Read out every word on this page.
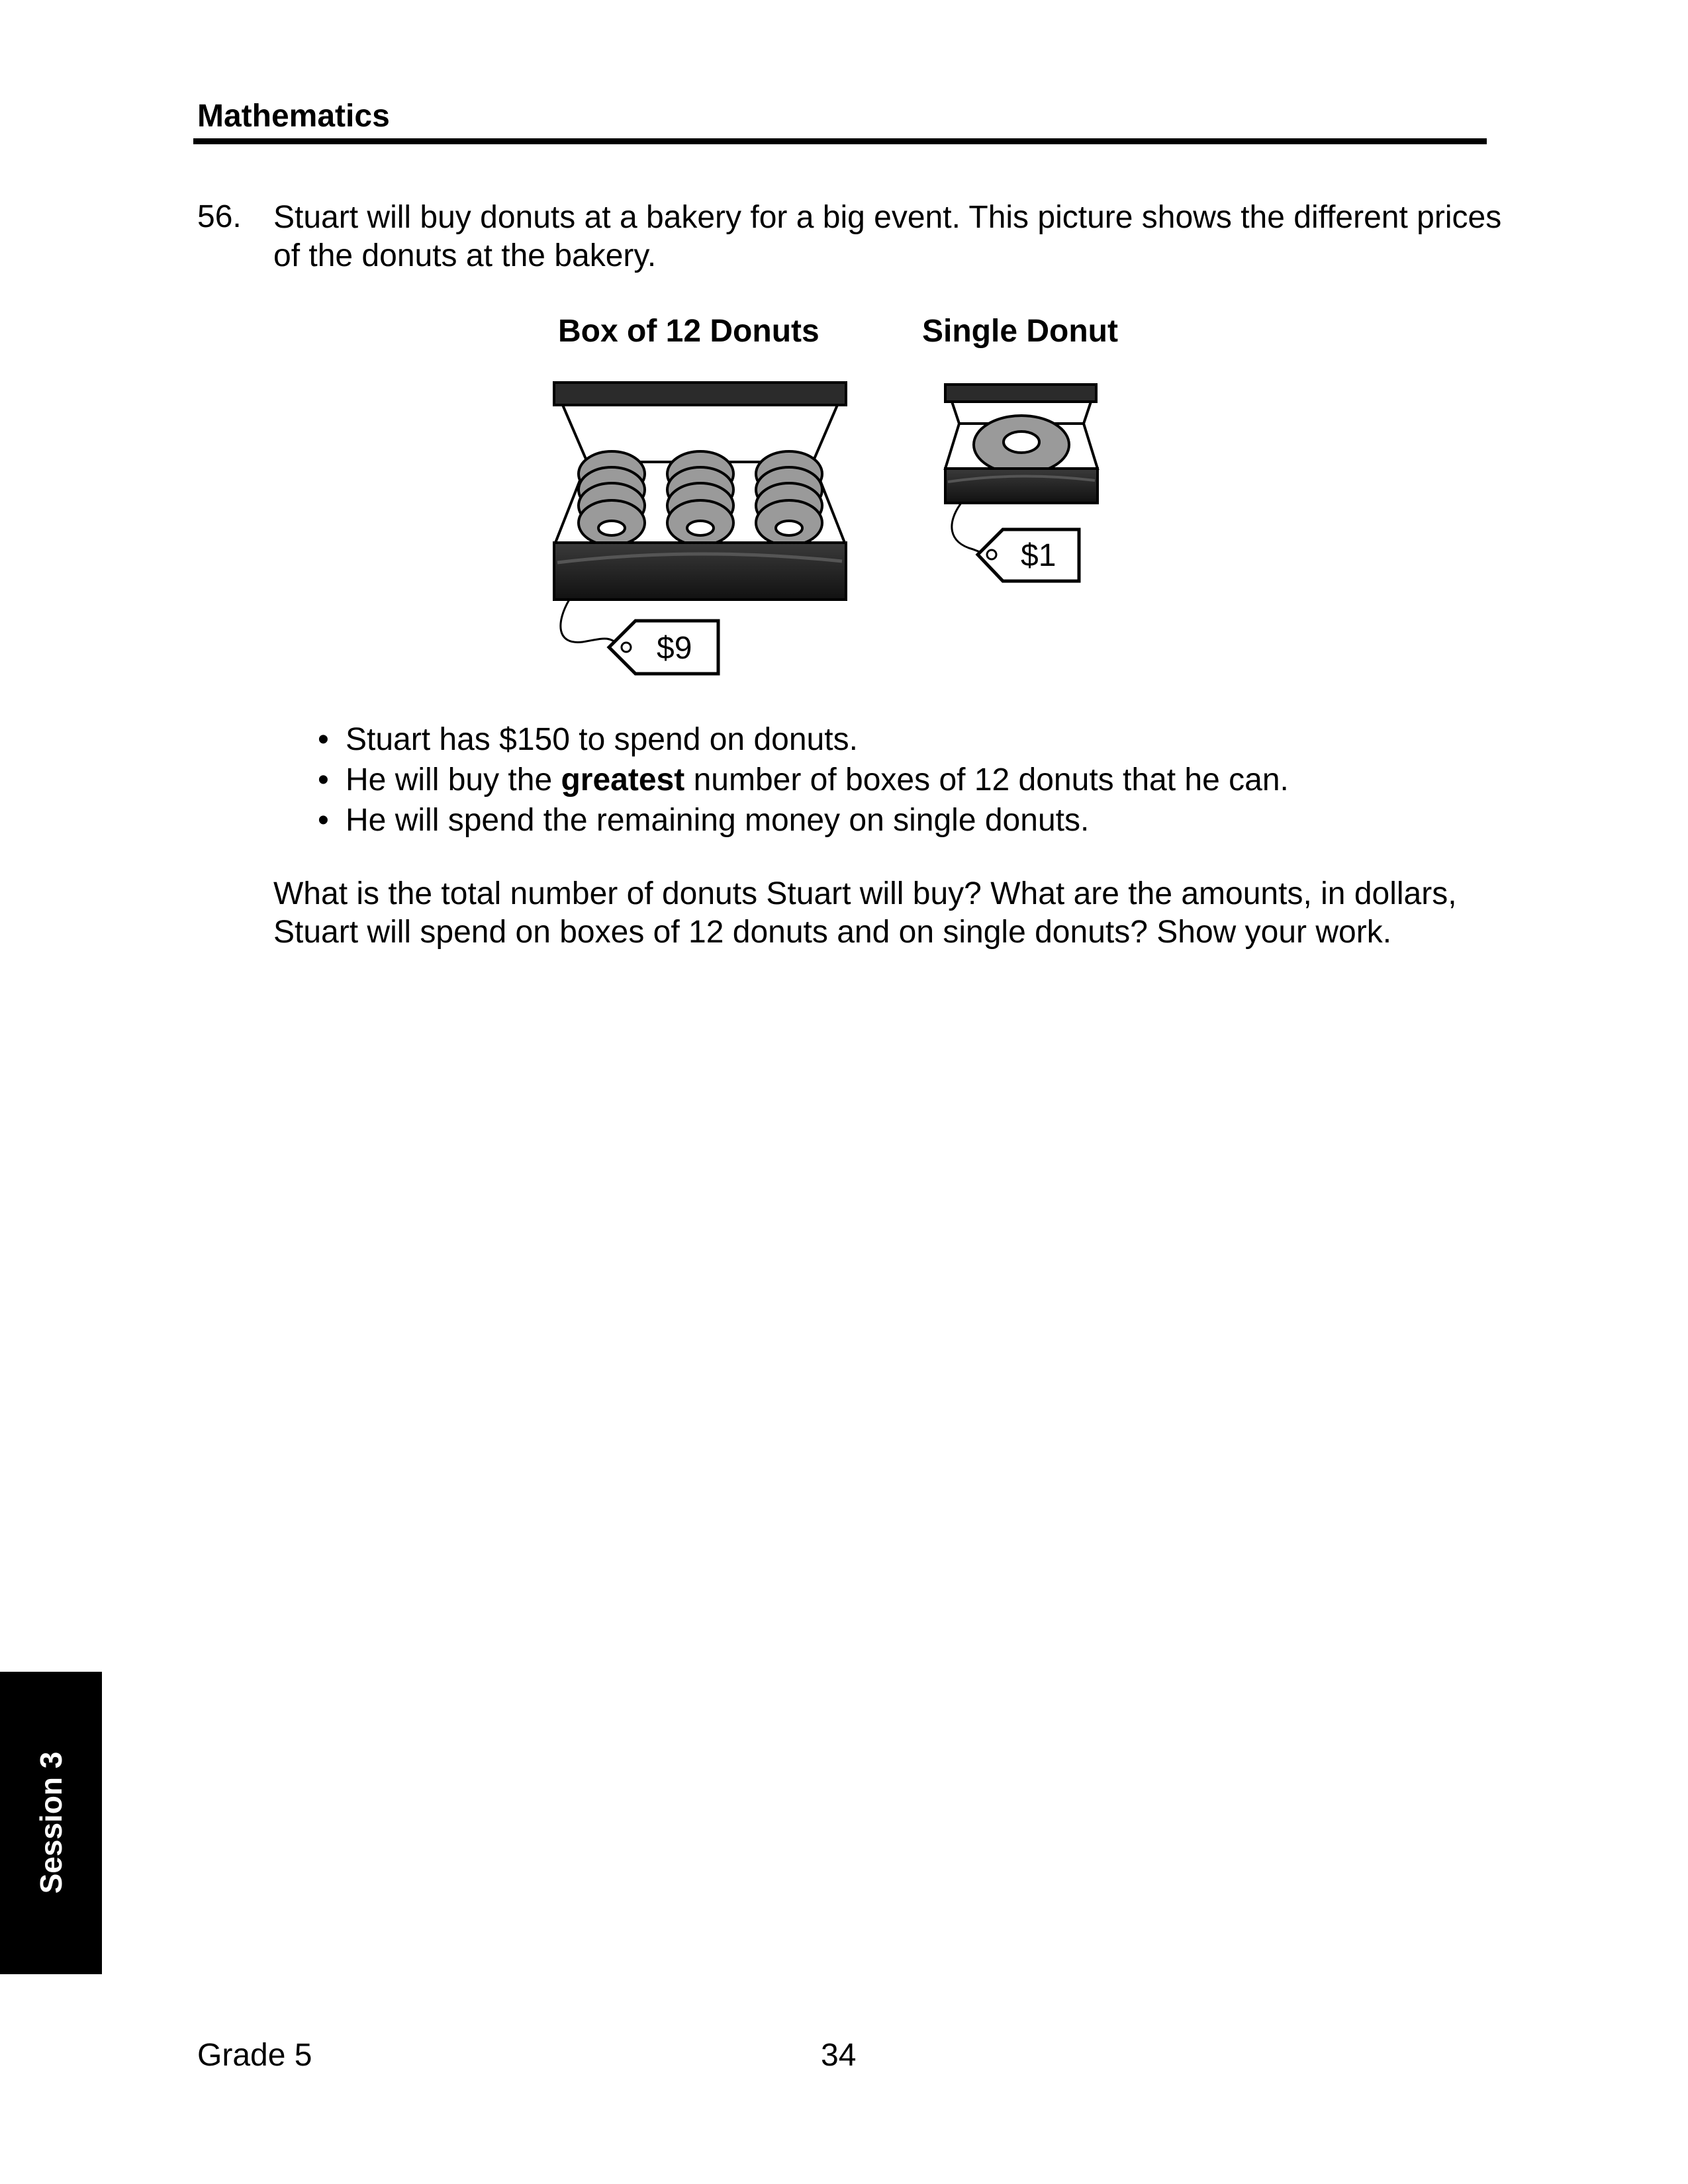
Mathematics
56. Stuart will buy donuts at a bakery for a big event. This picture shows the different prices of the donuts at the bakery.
Box of 12 Donuts	Single Donut
$9
$1
• Stuart has $150 to spend on donuts.
• He will buy the greatest number of boxes of 12 donuts that he can.
• He will spend the remaining money on single donuts.
What is the total number of donuts Stuart will buy? What are the amounts, in dollars, Stuart will spend on boxes of 12 donuts and on single donuts? Show your work.
Session 3
Grade 5	34
